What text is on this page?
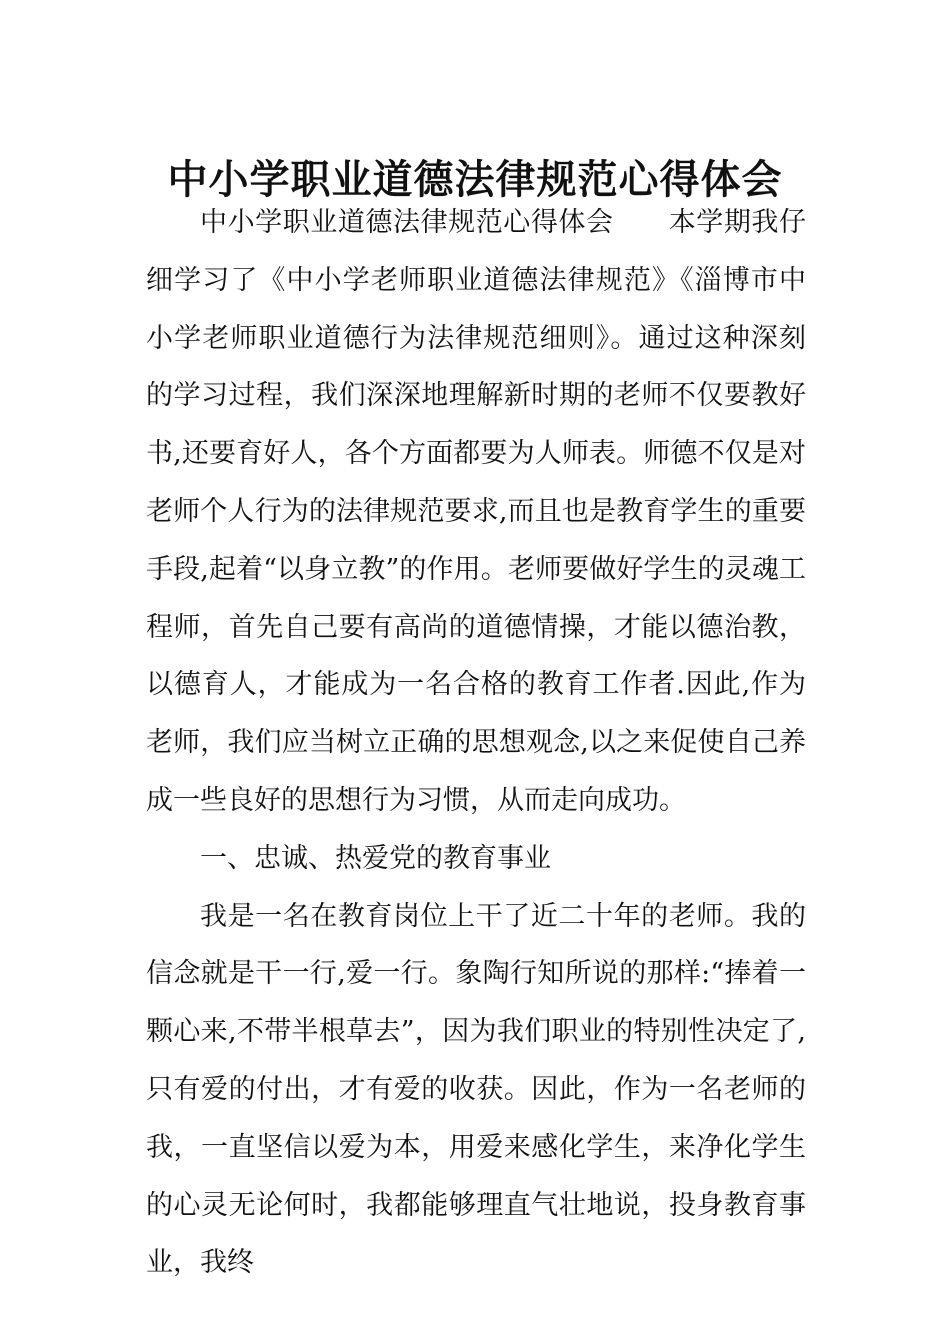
中小学职业道德法律规范心得体会

中小学职业道德法律规范心得体会　　本学期我仔细学习了《中小学老师职业道德法律规范》《淄博市中小学老师职业道德行为法律规范细则》。通过这种深刻的学习过程，我们深深地理解新时期的老师不仅要教好书,还要育好人，各个方面都要为人师表。师德不仅是对老师个人行为的法律规范要求,而且也是教育学生的重要手段,起着“以身立教”的作用。老师要做好学生的灵魂工程师，首先自己要有高尚的道德情操，才能以德治教，以德育人，才能成为一名合格的教育工作者.因此,作为老师，我们应当树立正确的思想观念,以之来促使自己养成一些良好的思想行为习惯，从而走向成功。

一、忠诚、热爱党的教育事业

我是一名在教育岗位上干了近二十年的老师。我的信念就是干一行,爱一行。象陶行知所说的那样:“捧着一颗心来,不带半根草去”，因为我们职业的特别性决定了,只有爱的付出，才有爱的收获。因此，作为一名老师的我，一直坚信以爱为本，用爱来感化学生，来净化学生的心灵无论何时，我都能够理直气壮地说，投身教育事业，我终
